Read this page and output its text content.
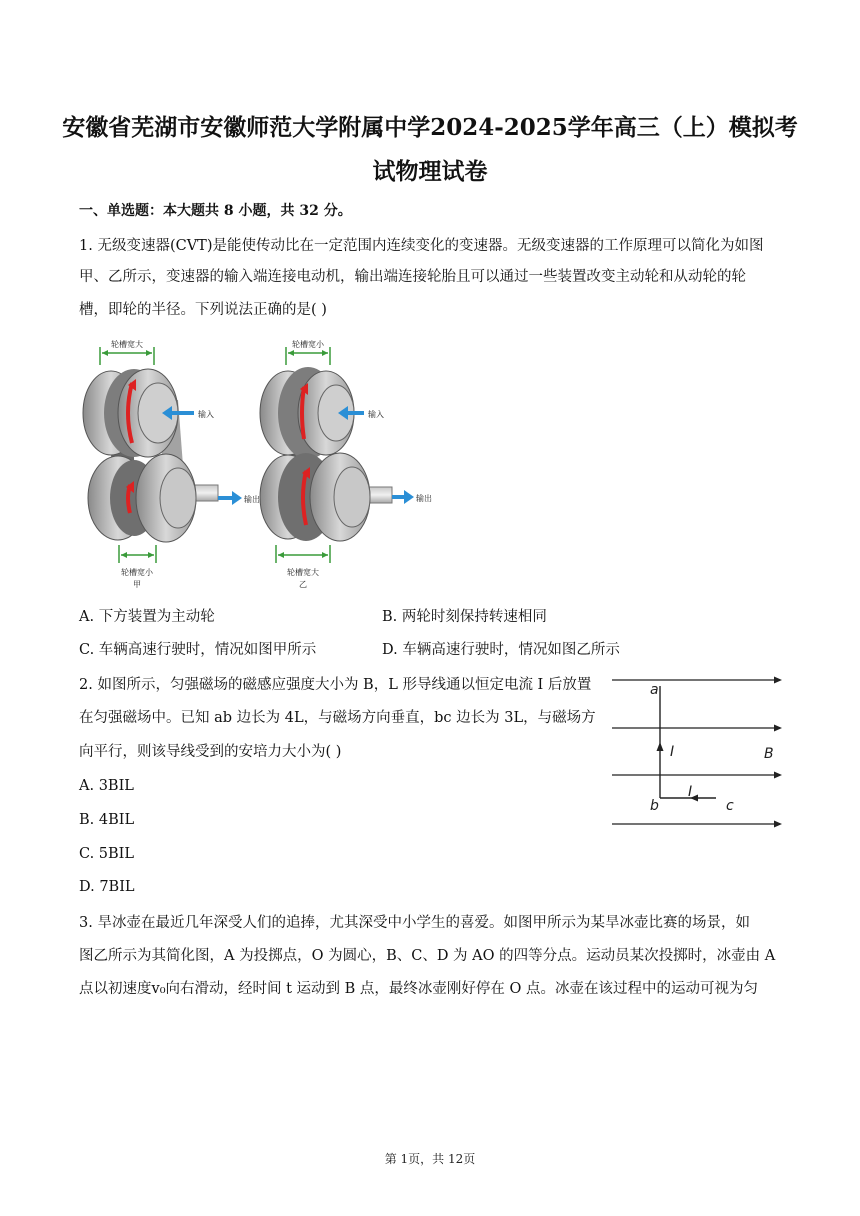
安徽省芜湖市安徽师范大学附属中学2024-2025学年高三（上）模拟考
试物理试卷
一、单选题：本大题共 8 小题，共 32 分。
1. 无级变速器(CVT)是能使传动比在一定范围内连续变化的变速器。无级变速器的工作原理可以简化为如图
甲、乙所示，变速器的输入端连接电动机，输出端连接轮胎且可以通过一些装置改变主动轮和从动轮的轮
槽，即轮的半径。下列说法正确的是( )
轮槽宽大
输入
输出
轮槽宽小
甲
轮槽宽小
输入
输出
轮槽宽大
乙
A. 下方装置为主动轮	B. 两轮时刻保持转速相同
C. 车辆高速行驶时，情况如图甲所示	D. 车辆高速行驶时，情况如图乙所示
2. 如图所示，匀强磁场的磁感应强度大小为 B，L 形导线通以恒定电流 I 后放置
在匀强磁场中。已知 ab 边长为 4L，与磁场方向垂直，bc 边长为 3L，与磁场方
向平行，则该导线受到的安培力大小为( )
A. 3BIL
B. 4BIL
C. 5BIL
D. 7BIL
a
b	c
I
I
B
3. 旱冰壶在最近几年深受人们的追捧，尤其深受中小学生的喜爱。如图甲所示为某旱冰壶比赛的场景，如
图乙所示为其简化图，A 为投掷点，O 为圆心，B、C、D 为 AO 的四等分点。运动员某次投掷时，冰壶由 A
点以初速度v₀向右滑动，经时间 t 运动到 B 点，最终冰壶刚好停在 O 点。冰壶在该过程中的运动可视为匀
第 1页，共 12页
